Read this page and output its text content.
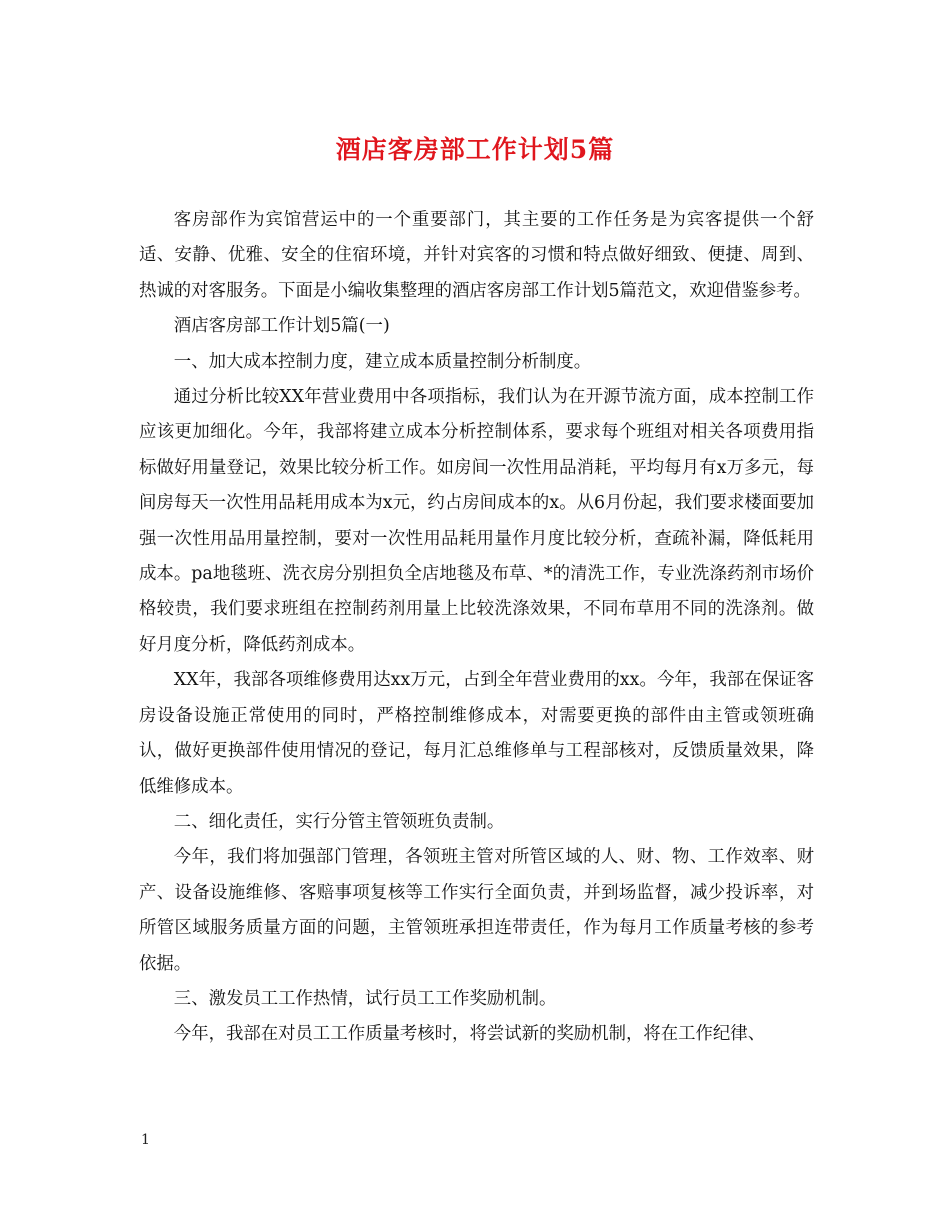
酒店客房部工作计划5篇

客房部作为宾馆营运中的一个重要部门，其主要的工作任务是为宾客提供一个舒适、安静、优雅、安全的住宿环境，并针对宾客的习惯和特点做好细致、便捷、周到、热诚的对客服务。下面是小编收集整理的酒店客房部工作计划5篇范文，欢迎借鉴参考。

酒店客房部工作计划5篇(一)

一、加大成本控制力度，建立成本质量控制分析制度。

通过分析比较XX年营业费用中各项指标，我们认为在开源节流方面，成本控制工作应该更加细化。今年，我部将建立成本分析控制体系，要求每个班组对相关各项费用指标做好用量登记，效果比较分析工作。如房间一次性用品消耗，平均每月有x万多元，每间房每天一次性用品耗用成本为x元，约占房间成本的x。从6月份起，我们要求楼面要加强一次性用品用量控制，要对一次性用品耗用量作月度比较分析，查疏补漏，降低耗用成本。pa地毯班、洗衣房分别担负全店地毯及布草、*的清洗工作，专业洗涤药剂市场价格较贵，我们要求班组在控制药剂用量上比较洗涤效果，不同布草用不同的洗涤剂。做好月度分析，降低药剂成本。

XX年，我部各项维修费用达xx万元，占到全年营业费用的xx。今年，我部在保证客房设备设施正常使用的同时，严格控制维修成本，对需要更换的部件由主管或领班确认，做好更换部件使用情况的登记，每月汇总维修单与工程部核对，反馈质量效果，降低维修成本。

二、细化责任，实行分管主管领班负责制。

今年，我们将加强部门管理，各领班主管对所管区域的人、财、物、工作效率、财产、设备设施维修、客赔事项复核等工作实行全面负责，并到场监督，减少投诉率，对所管区域服务质量方面的问题，主管领班承担连带责任，作为每月工作质量考核的参考依据。

三、激发员工工作热情，试行员工工作奖励机制。

今年，我部在对员工工作质量考核时，将尝试新的奖励机制，将在工作纪律、

1
